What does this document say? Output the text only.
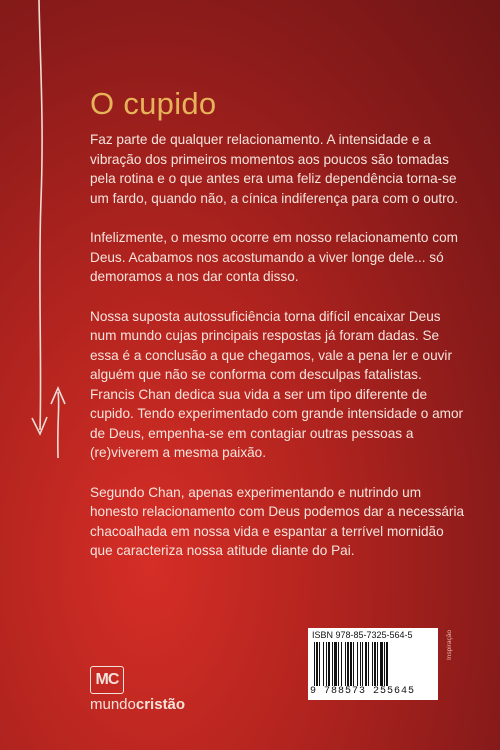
O cupido

Faz parte de qualquer relacionamento. A intensidade e a vibração dos primeiros momentos aos poucos são tomadas pela rotina e o que antes era uma feliz dependência torna-se um fardo, quando não, a cínica indiferença para com o outro.

Infelizmente, o mesmo ocorre em nosso relacionamento com Deus. Acabamos nos acostumando a viver longe dele... só demoramos a nos dar conta disso.

Nossa suposta autossuficiência torna difícil encaixar Deus num mundo cujas principais respostas já foram dadas. Se essa é a conclusão a que chegamos, vale a pena ler e ouvir alguém que não se conforma com desculpas fatalistas. Francis Chan dedica sua vida a ser um tipo diferente de cupido. Tendo experimentado com grande intensidade o amor de Deus, empenha-se em contagiar outras pessoas a (re)viverem a mesma paixão.

Segundo Chan, apenas experimentando e nutrindo um honesto relacionamento com Deus podemos dar a necessária chacoalhada em nossa vida e espantar a terrível mornidão que caracteriza nossa atitude diante do Pai.

MC
mundocristão
ISBN 978-85-7325-564-5
9 788573 255645
Inspiração
